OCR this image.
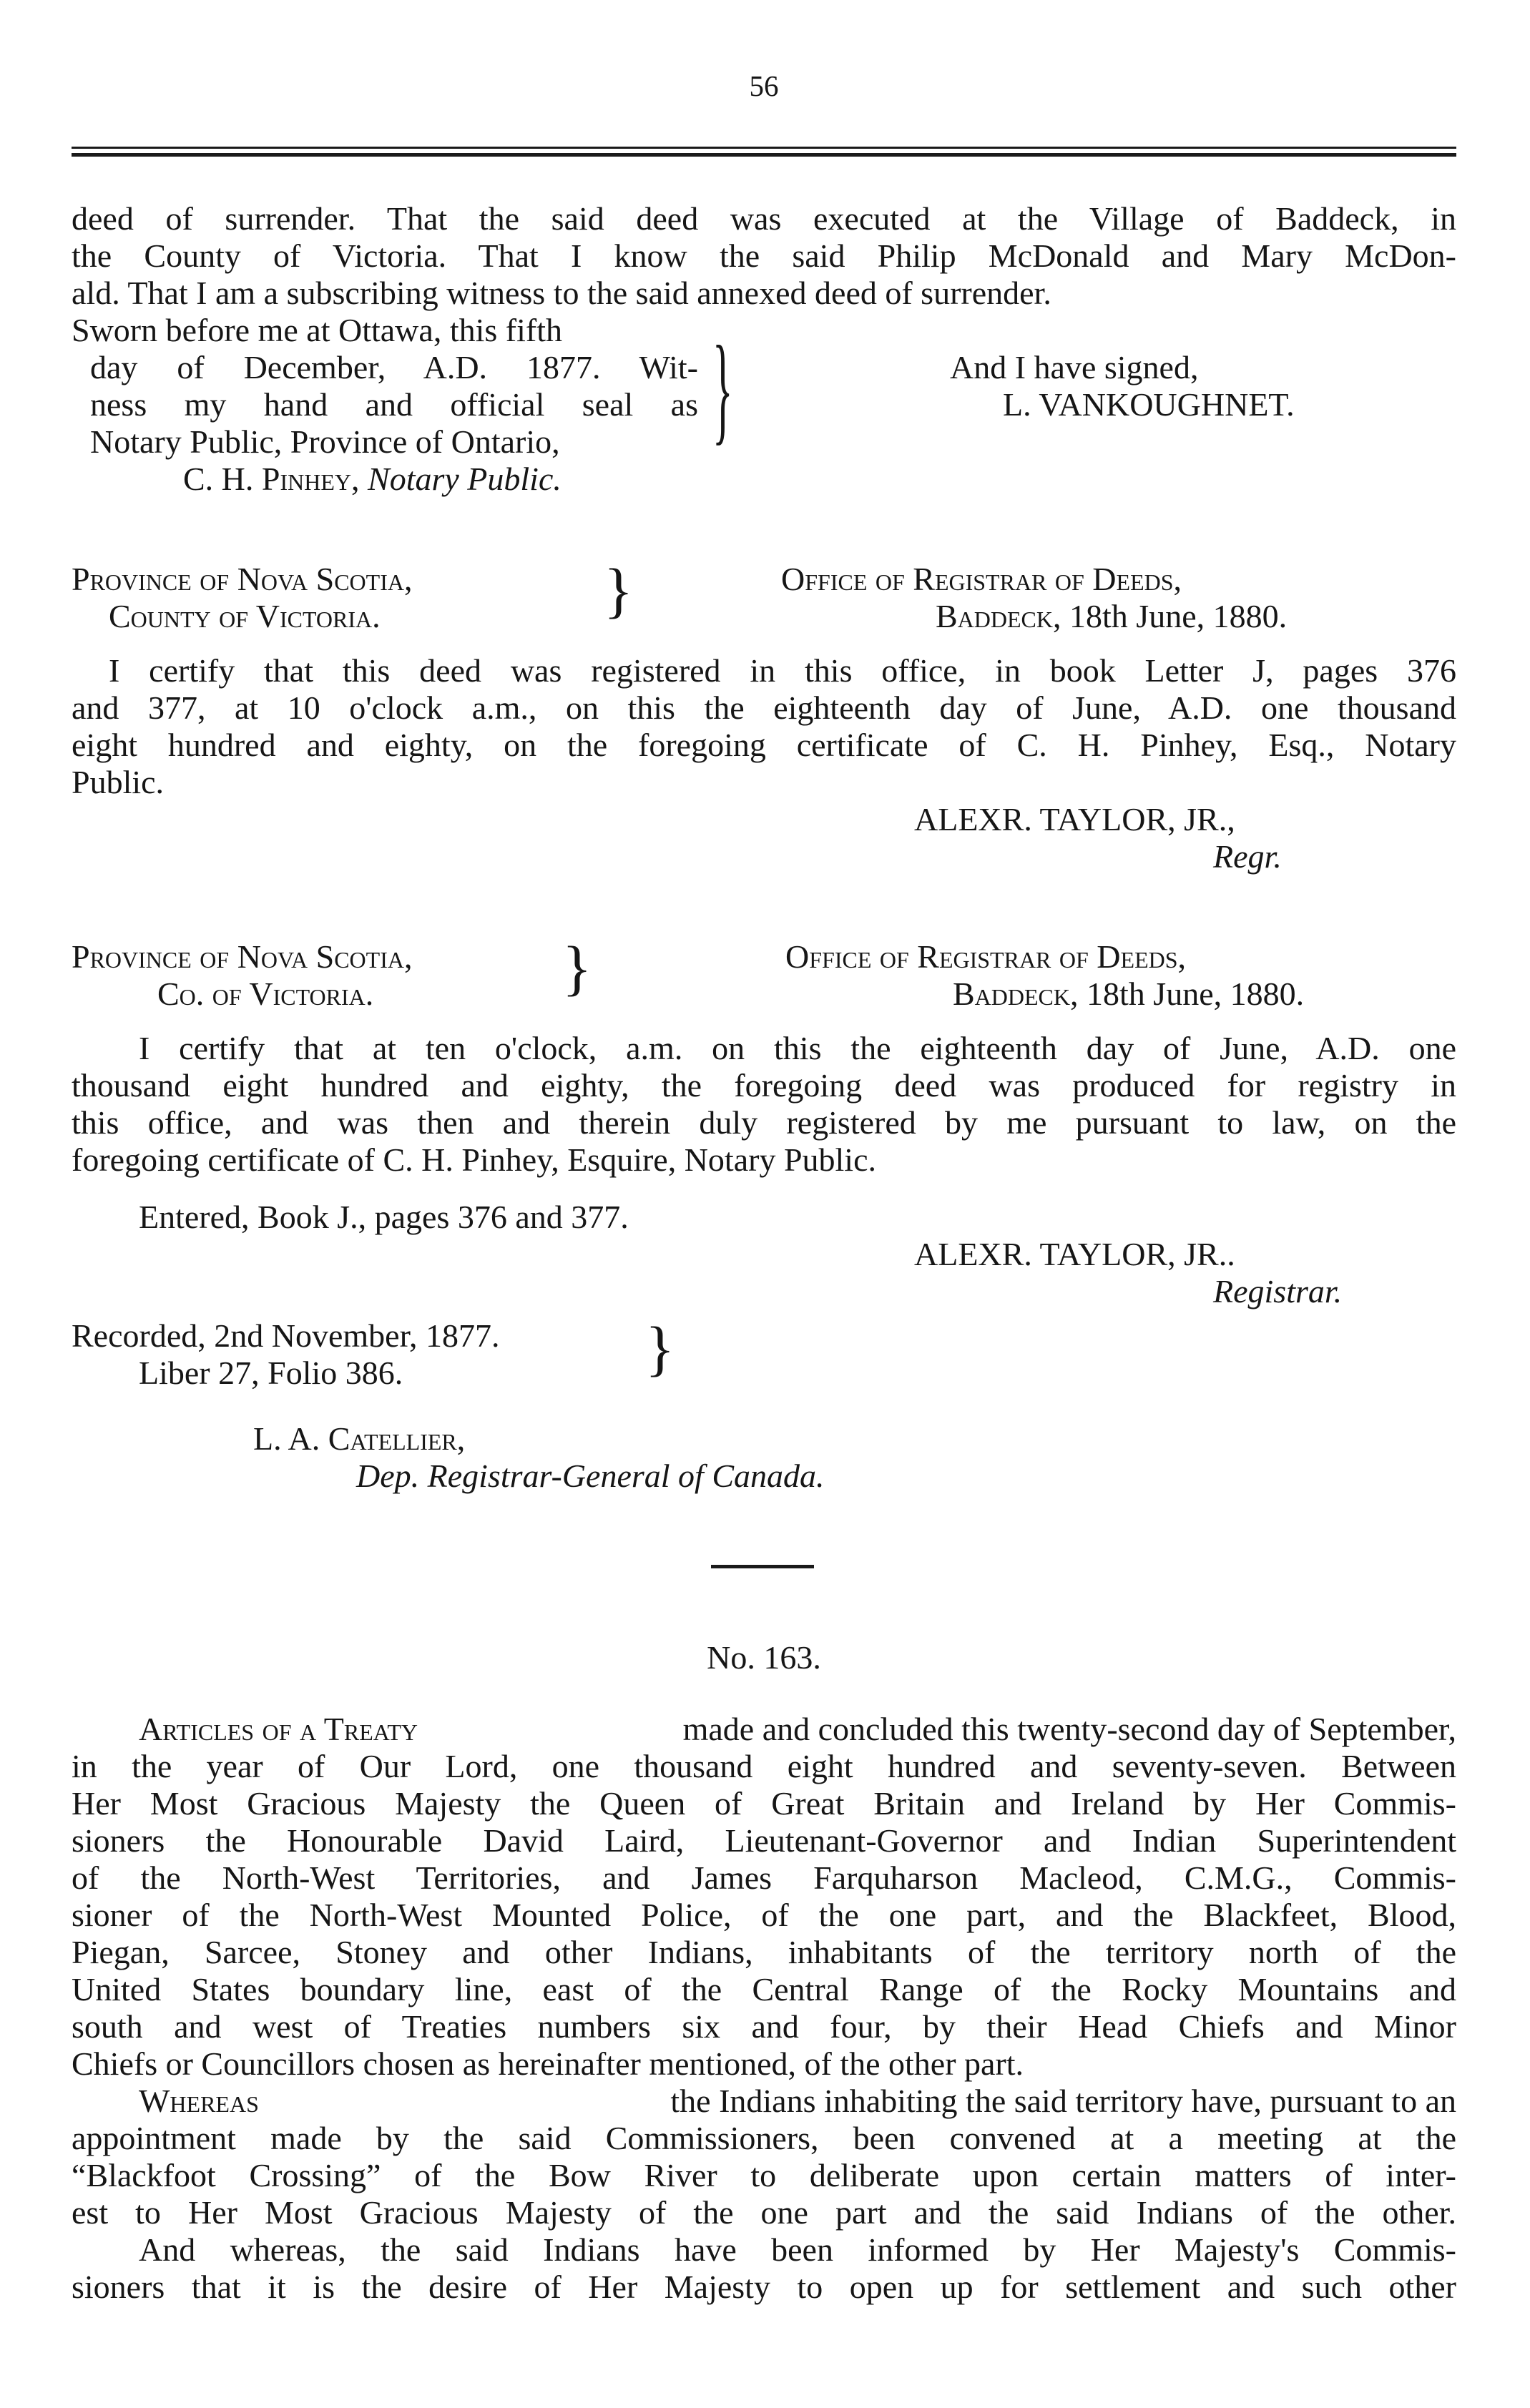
56
deed of surrender. That the said deed was executed at the Village of Baddeck, in
the County of Victoria. That I know the said Philip McDonald and Mary McDon-
ald. That I am a subscribing witness to the said annexed deed of surrender.
Sworn before me at Ottawa, this fifth
day of December, A.D. 1877. Wit-
ness my hand and official seal as
Notary Public, Province of Ontario, }
C. H. Pinhey, Notary Public.
And I have signed,
L. VANKOUGHNET.
Province of Nova Scotia,
County of Victoria.	}	Office of Registrar of Deeds,
Baddeck, 18th June, 1880.
I certify that this deed was registered in this office, in book Letter J, pages 376
and 377, at 10 o'clock a.m., on this the eighteenth day of June, A.D. one thousand
eight hundred and eighty, on the foregoing certificate of C. H. Pinhey, Esq., Notary
Public.
ALEXR. TAYLOR, JR.,
Regr.
Province of Nova Scotia,
Co. of Victoria.	}	Office of Registrar of Deeds,
Baddeck, 18th June, 1880.
I certify that at ten o'clock, a.m. on this the eighteenth day of June, A.D. one
thousand eight hundred and eighty, the foregoing deed was produced for registry in
this office, and was then and therein duly registered by me pursuant to law, on the
foregoing certificate of C. H. Pinhey, Esquire, Notary Public.
Entered, Book J., pages 376 and 377.
ALEXR. TAYLOR, JR..
Registrar.
Recorded, 2nd November, 1877.
Liber 27, Folio 386.	}
L. A. Catellier,
Dep. Registrar-General of Canada.
No. 163.
Articles of a Treaty	made and concluded this twenty-second day of September,
in the year of Our Lord, one thousand eight hundred and seventy-seven. Between
Her Most Gracious Majesty the Queen of Great Britain and Ireland by Her Commis-
sioners the Honourable David Laird, Lieutenant-Governor and Indian Superintendent
of the North-West Territories, and James Farquharson Macleod, C.M.G., Commis-
sioner of the North-West Mounted Police, of the one part, and the Blackfeet, Blood,
Piegan, Sarcee, Stoney and other Indians, inhabitants of the territory north of the
United States boundary line, east of the Central Range of the Rocky Mountains and
south and west of Treaties numbers six and four, by their Head Chiefs and Minor
Chiefs or Councillors chosen as hereinafter mentioned, of the other part.
Whereas	the Indians inhabiting the said territory have, pursuant to an
appointment made by the said Commissioners, been convened at a meeting at the
“Blackfoot Crossing” of the Bow River to deliberate upon certain matters of inter-
est to Her Most Gracious Majesty of the one part and the said Indians of the other.
And whereas, the said Indians have been informed by Her Majesty's Commis-
sioners that it is the desire of Her Majesty to open up for settlement and such other
